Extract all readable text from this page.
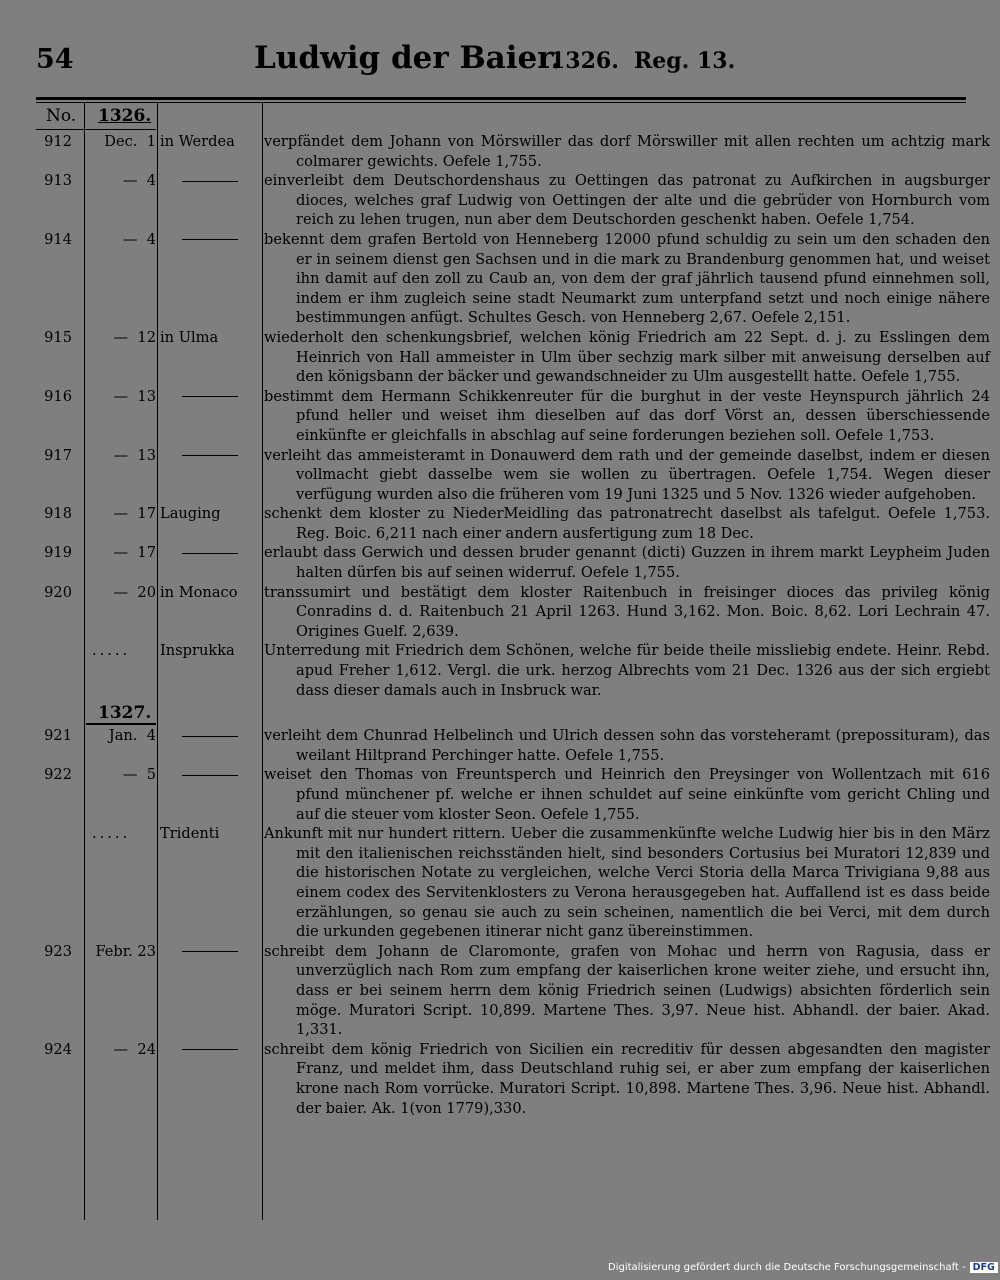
54	Ludwig der Baier.
1326. Reg. 13.
No. 1326.
912	Dec.  1 in Werdea	verpfändet dem Johann von Mörswiller das dorf Mörswiller mit allen rechten um achtzig mark colmarer gewichts. Oefele 1,755.
913	—  4	einverleibt dem Deutschordenshaus zu Oettingen das patronat zu Aufkirchen in augsburger dioces, welches graf Ludwig von Oettingen der alte und die gebrüder von Hornburch vom reich zu lehen trugen, nun aber dem Deutschorden geschenkt haben. Oefele 1,754.
914	—  4	bekennt dem grafen Bertold von Henneberg 12000 pfund schuldig zu sein um den schaden den er in seinem dienst gen Sachsen und in die mark zu Brandenburg genommen hat, und weiset ihn damit auf den zoll zu Caub an, von dem der graf jährlich tausend pfund einnehmen soll, indem er ihm zugleich seine stadt Neumarkt zum unterpfand setzt und noch einige nähere bestimmungen anfügt. Schultes Gesch. von Henneberg 2,67. Oefele 2,151.
915	—  12 in Ulma	wiederholt den schenkungsbrief, welchen könig Friedrich am 22 Sept. d. j. zu Esslingen dem Heinrich von Hall ammeister in Ulm über sechzig mark silber mit anweisung derselben auf den königsbann der bäcker und gewandschneider zu Ulm ausgestellt hatte. Oefele 1,755.
916	—  13	bestimmt dem Hermann Schikkenreuter für die burghut in der veste Heynspurch jährlich 24 pfund heller und weiset ihm dieselben auf das dorf Vörst an, dessen überschiessende einkünfte er gleichfalls in abschlag auf seine forderungen beziehen soll. Oefele 1,753.
917	—  13	verleiht das ammeisteramt in Donauwerd dem rath und der gemeinde daselbst, indem er diesen vollmacht giebt dasselbe wem sie wollen zu übertragen. Oefele 1,754. Wegen dieser verfügung wurden also die früheren vom 19 Juni 1325 und 5 Nov. 1326 wieder aufgehoben.
918	—  17 Lauging	schenkt dem kloster zu NiederMeidling das patronatrecht daselbst als tafelgut. Oefele 1,753. Reg. Boic. 6,211 nach einer andern ausfertigung zum 18 Dec.
919	—  17	erlaubt dass Gerwich und dessen bruder genannt (dicti) Guzzen in ihrem markt Leypheim Juden halten dürfen bis auf seinen widerruf. Oefele 1,755.
920	—  20 in Monaco	transsumirt und bestätigt dem kloster Raitenbuch in freisinger dioces das privileg könig Conradins d. d. Raitenbuch 21 April 1263. Hund 3,162. Mon. Boic. 8,62. Lori Lechrain 47. Origines Guelf. 2,639.
..... Insprukka	Unterredung mit Friedrich dem Schönen, welche für beide theile missliebig endete. Heinr. Rebd. apud Freher 1,612. Vergl. die urk. herzog Albrechts vom 21 Dec. 1326 aus der sich ergiebt dass dieser damals auch in Insbruck war.
1327.
921	Jan.  4	verleiht dem Chunrad Helbelinch und Ulrich dessen sohn das vorsteheramt (prepossituram), das weilant Hiltprand Perchinger hatte. Oefele 1,755.
922	—  5	weiset den Thomas von Freuntsperch und Heinrich den Preysinger von Wollentzach mit 616 pfund münchener pf. welche er ihnen schuldet auf seine einkünfte vom gericht Chling und auf die steuer vom kloster Seon. Oefele 1,755.
..... Tridenti	Ankunft mit nur hundert rittern. Ueber die zusammenkünfte welche Ludwig hier bis in den März mit den italienischen reichsständen hielt, sind besonders Cortusius bei Muratori 12,839 und die historischen Notate zu vergleichen, welche Verci Storia della Marca Trivigiana 9,88 aus einem codex des Servitenklosters zu Verona herausgegeben hat. Auffallend ist es dass beide erzählungen, so genau sie auch zu sein scheinen, namentlich die bei Verci, mit dem durch die urkunden gegebenen itinerar nicht ganz übereinstimmen.
923	Febr. 23	schreibt dem Johann de Claromonte, grafen von Mohac und herrn von Ragusia, dass er unverzüglich nach Rom zum empfang der kaiserlichen krone weiter ziehe, und ersucht ihn, dass er bei seinem herrn dem könig Friedrich seinen (Ludwigs) absichten förderlich sein möge. Muratori Script. 10,899. Martene Thes. 3,97. Neue hist. Abhandl. der baier. Akad. 1,331.
924	—  24	schreibt dem könig Friedrich von Sicilien ein recreditiv für dessen abgesandten den magister Franz, und meldet ihm, dass Deutschland ruhig sei, er aber zum empfang der kaiserlichen krone nach Rom vorrücke. Muratori Script. 10,898. Martene Thes. 3,96. Neue hist. Abhandl. der baier. Ak. 1(von 1779),330.
Digitalisierung gefördert durch die Deutsche Forschungsgemeinschaft - DFG
